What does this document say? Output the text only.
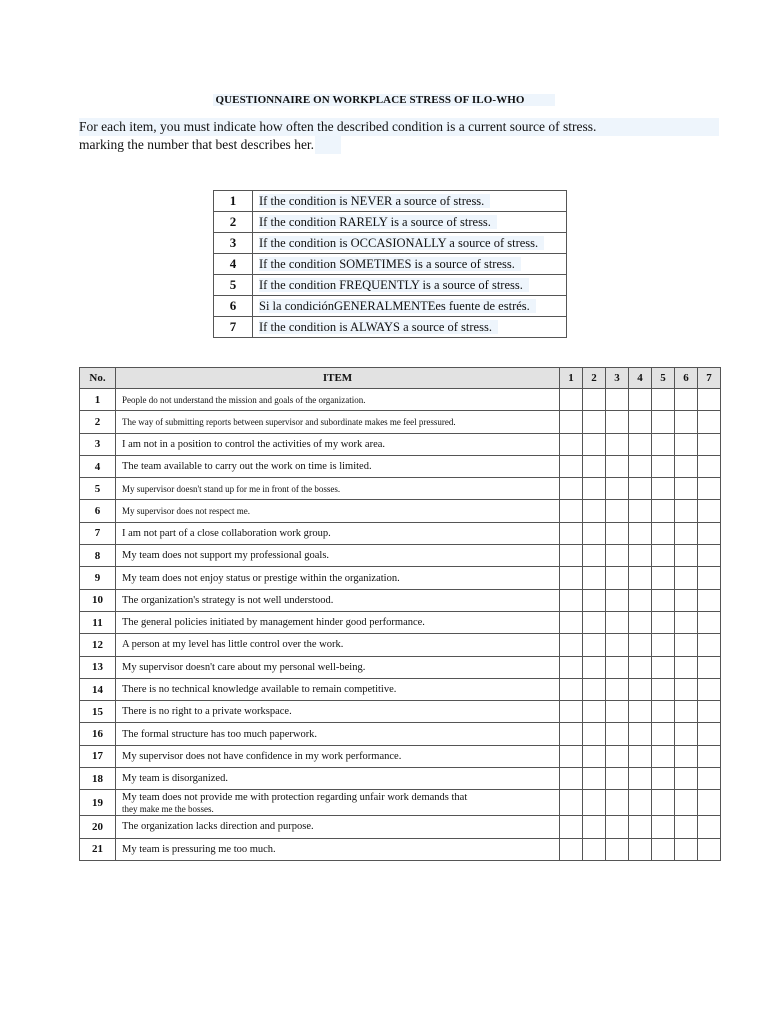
QUESTIONNAIRE ON WORKPLACE STRESS OF ILO-WHO
For each item, you must indicate how often the described condition is a current source of stress.
marking the number that best describes her.
1	If the condition is NEVER a source of stress.
2	If the condition RARELY is a source of stress.
3	If the condition is OCCASIONALLY a source of stress.
4	If the condition SOMETIMES is a source of stress.
5	If the condition FREQUENTLY is a source of stress.
6	Si la condiciónGENERALMENTEes fuente de estrés.
7	If the condition is ALWAYS a source of stress.
No.	ITEM	1	2	3	4	5	6	7
1	People do not understand the mission and goals of the organization.							
2	The way of submitting reports between supervisor and subordinate makes me feel pressured.							
3	I am not in a position to control the activities of my work area.							
4	The team available to carry out the work on time is limited.							
5	My supervisor doesn't stand up for me in front of the bosses.							
6	My supervisor does not respect me.							
7	I am not part of a close collaboration work group.							
8	My team does not support my professional goals.							
9	My team does not enjoy status or prestige within the organization.							
10	The organization's strategy is not well understood.							
11	The general policies initiated by management hinder good performance.							
12	A person at my level has little control over the work.							
13	My supervisor doesn't care about my personal well-being.							
14	There is no technical knowledge available to remain competitive.							
15	There is no right to a private workspace.							
16	The formal structure has too much paperwork.							
17	My supervisor does not have confidence in my work performance.							
18	My team is disorganized.							
19	My team does not provide me with protection regarding unfair work demands that
they make me the bosses.							

20	The organization lacks direction and purpose.							
21	My team is pressuring me too much.							
